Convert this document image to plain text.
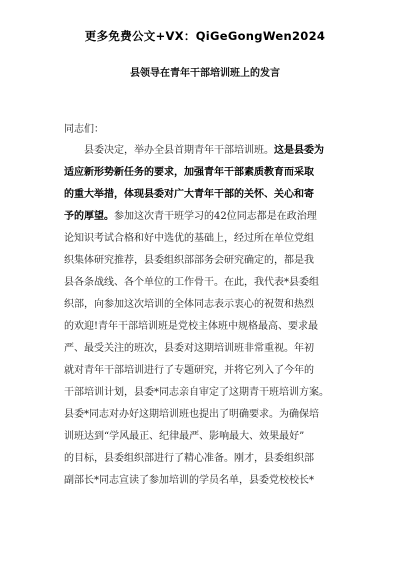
更多免费公文+VX：QiGeGongWen2024
县领导在青年干部培训班上的发言
同志们：
县委决定，举办全县首期青年干部培训班。这是县委为
适应新形势新任务的要求，加强青年干部素质教育而采取
的重大举措，体现县委对广大青年干部的关怀、关心和寄
予的厚望。参加这次青干班学习的42位同志都是在政治理
论知识考试合格和好中选优的基础上，经过所在单位党组
织集体研究推荐，县委组织部部务会研究确定的，都是我
县各条战线、各个单位的工作骨干。在此，我代表*县委组
织部，向参加这次培训的全体同志表示衷心的祝贺和热烈
的欢迎!青年干部培训班是党校主体班中规格最高、要求最
严、最受关注的班次，县委对这期培训班非常重视。年初
就对青年干部培训进行了专题研究，并将它列入了今年的
干部培训计划，县委*同志亲自审定了这期青干班培训方案。
县委*同志对办好这期培训班也提出了明确要求。为确保培
训班达到“学风最正、纪律最严、影响最大、效果最好”
的目标，县委组织部进行了精心准备。刚才，县委组织部
副部长*同志宣读了参加培训的学员名单，县委党校校长*
